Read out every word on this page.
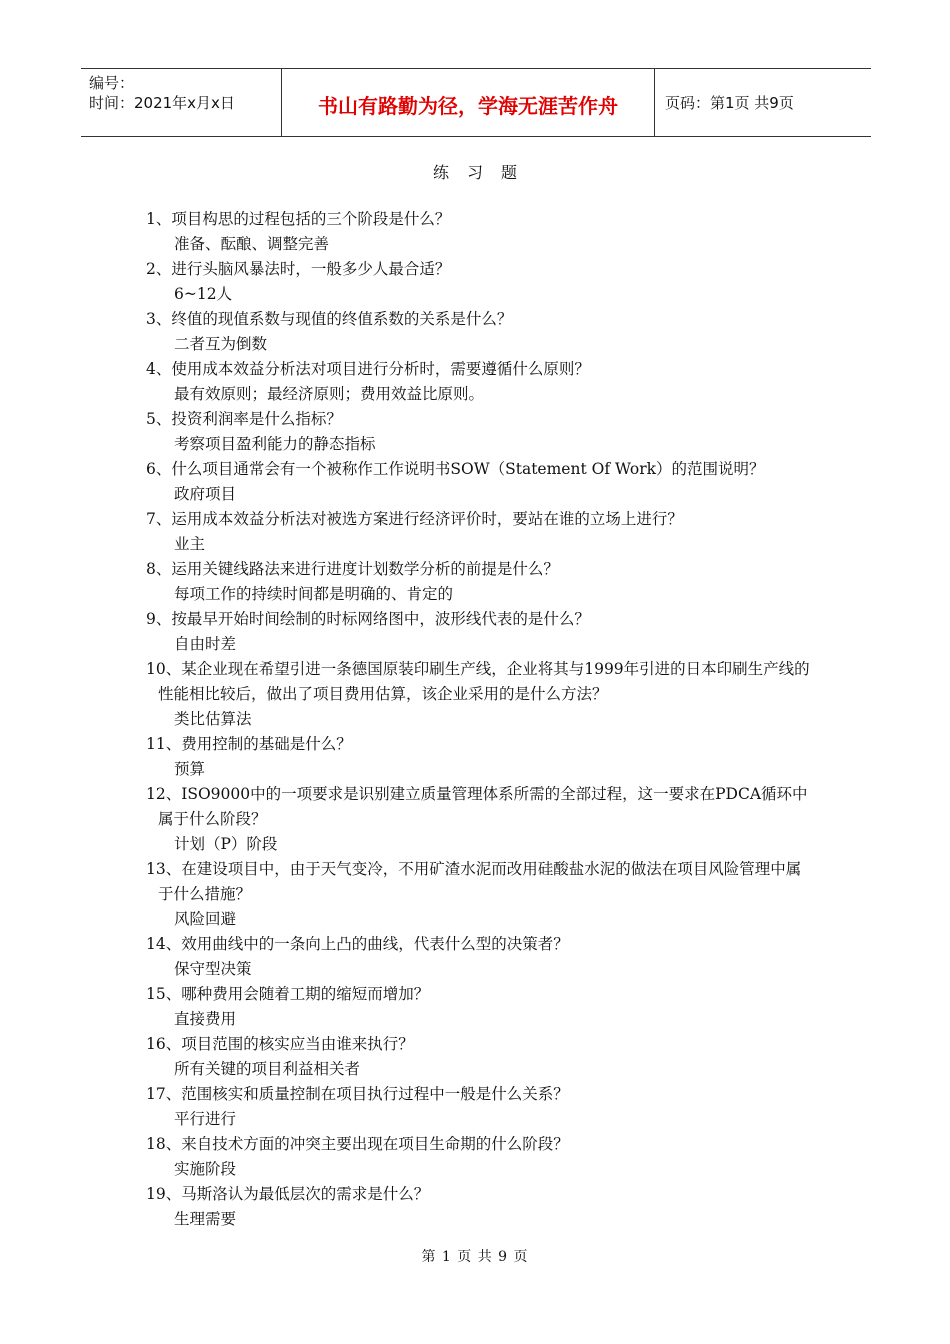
编号：
时间：2021年x月x日	书山有路勤为径，学海无涯苦作舟	页码：第1页 共9页
练习题
1、项目构思的过程包括的三个阶段是什么？
准备、酝酿、调整完善
2、进行头脑风暴法时，一般多少人最合适？
6~12人
3、终值的现值系数与现值的终值系数的关系是什么？
二者互为倒数
4、使用成本效益分析法对项目进行分析时，需要遵循什么原则？
最有效原则；最经济原则；费用效益比原则。
5、投资利润率是什么指标？
考察项目盈利能力的静态指标
6、什么项目通常会有一个被称作工作说明书SOW（Statement Of Work）的范围说明？
政府项目
7、运用成本效益分析法对被选方案进行经济评价时，要站在谁的立场上进行？
业主
8、运用关键线路法来进行进度计划数学分析的前提是什么？
每项工作的持续时间都是明确的、肯定的
9、按最早开始时间绘制的时标网络图中，波形线代表的是什么？
自由时差
10、某企业现在希望引进一条德国原装印刷生产线，企业将其与1999年引进的日本印刷生产线的性能相比较后，做出了项目费用估算，该企业采用的是什么方法？
类比估算法
11、费用控制的基础是什么？
预算
12、ISO9000中的一项要求是识别建立质量管理体系所需的全部过程，这一要求在PDCA循环中属于什么阶段？
计划（P）阶段
13、在建设项目中，由于天气变冷，不用矿渣水泥而改用硅酸盐水泥的做法在项目风险管理中属于什么措施？
风险回避
14、效用曲线中的一条向上凸的曲线，代表什么型的决策者？
保守型决策
15、哪种费用会随着工期的缩短而增加？
直接费用
16、项目范围的核实应当由谁来执行？
所有关键的项目利益相关者
17、范围核实和质量控制在项目执行过程中一般是什么关系？
平行进行
18、来自技术方面的冲突主要出现在项目生命期的什么阶段？
实施阶段
19、马斯洛认为最低层次的需求是什么？
生理需要
第 1 页 共 9 页
